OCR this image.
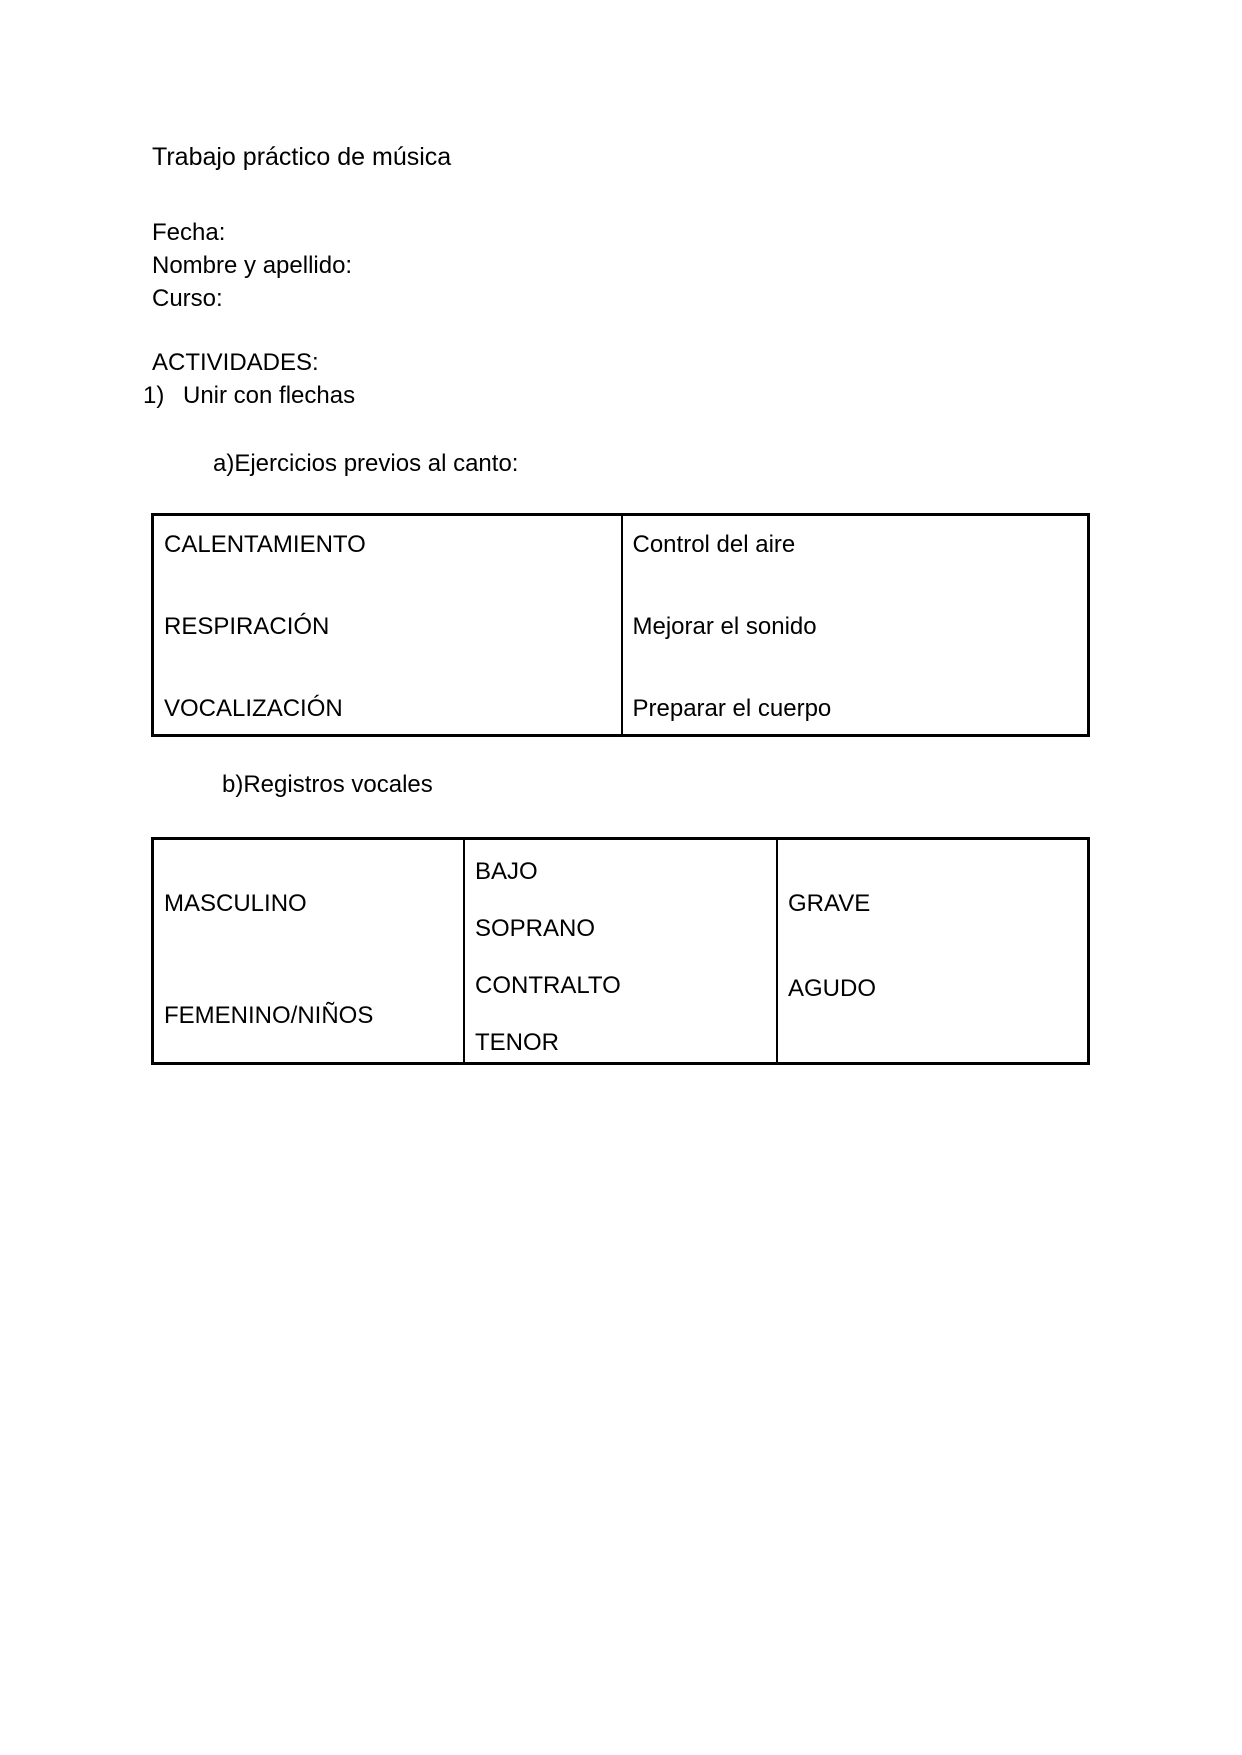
Trabajo práctico de música
Fecha:
Nombre y apellido:
Curso:
ACTIVIDADES:
1) Unir con flechas
a)Ejercicios previos al canto:

CALENTAMIENTO

RESPIRACIÓN

VOCALIZACIÓN

Control del aire

Mejorar el sonido

Preparar el cuerpo

b)Registros vocales

MASCULINO

FEMENINO/NIÑOS

BAJO

SOPRANO

CONTRALTO

TENOR

GRAVE

AGUDO
